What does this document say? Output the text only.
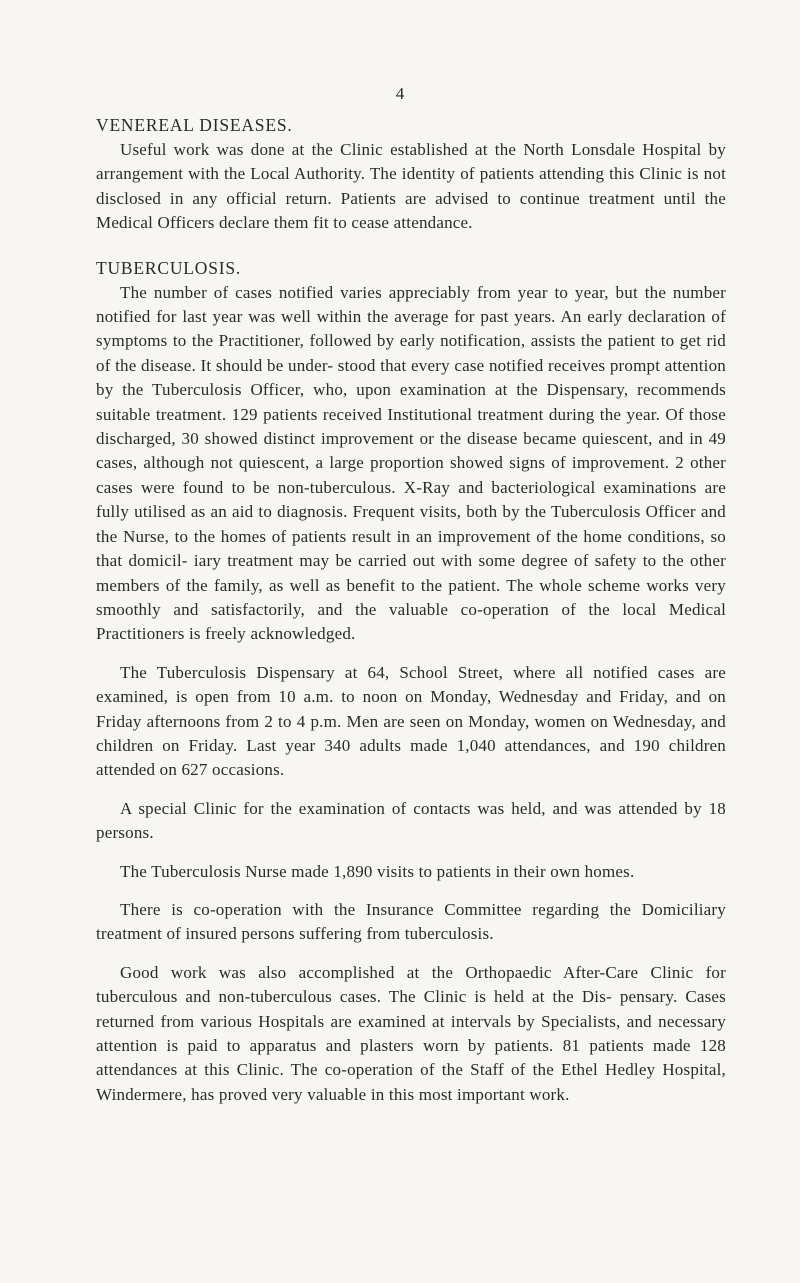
4
VENEREAL DISEASES.

Useful work was done at the Clinic established at the North Lonsdale Hospital by arrangement with the Local Authority. The identity of patients attending this Clinic is not disclosed in any official return. Patients are advised to continue treatment until the Medical Officers declare them fit to cease attendance.

TUBERCULOSIS.

The number of cases notified varies appreciably from year to year, but the number notified for last year was well within the average for past years. An early declaration of symptoms to the Practitioner, followed by early notification, assists the patient to get rid of the disease. It should be under- stood that every case notified receives prompt attention by the Tuberculosis Officer, who, upon examination at the Dispensary, recommends suitable treatment. 129 patients received Institutional treatment during the year. Of those discharged, 30 showed distinct improvement or the disease became quiescent, and in 49 cases, although not quiescent, a large proportion showed signs of improvement. 2 other cases were found to be non-tuberculous. X-Ray and bacteriological examinations are fully utilised as an aid to diagnosis. Frequent visits, both by the Tuberculosis Officer and the Nurse, to the homes of patients result in an improvement of the home conditions, so that domicil- iary treatment may be carried out with some degree of safety to the other members of the family, as well as benefit to the patient. The whole scheme works very smoothly and satisfactorily, and the valuable co-operation of the local Medical Practitioners is freely acknowledged.

The Tuberculosis Dispensary at 64, School Street, where all notified cases are examined, is open from 10 a.m. to noon on Monday, Wednesday and Friday, and on Friday afternoons from 2 to 4 p.m. Men are seen on Monday, women on Wednesday, and children on Friday. Last year 340 adults made 1,040 attendances, and 190 children attended on 627 occasions.

A special Clinic for the examination of contacts was held, and was attended by 18 persons.

The Tuberculosis Nurse made 1,890 visits to patients in their own homes.

There is co-operation with the Insurance Committee regarding the Domiciliary treatment of insured persons suffering from tuberculosis.

Good work was also accomplished at the Orthopaedic After-Care Clinic for tuberculous and non-tuberculous cases. The Clinic is held at the Dis- pensary. Cases returned from various Hospitals are examined at intervals by Specialists, and necessary attention is paid to apparatus and plasters worn by patients. 81 patients made 128 attendances at this Clinic. The co-operation of the Staff of the Ethel Hedley Hospital, Windermere, has proved very valuable in this most important work.
